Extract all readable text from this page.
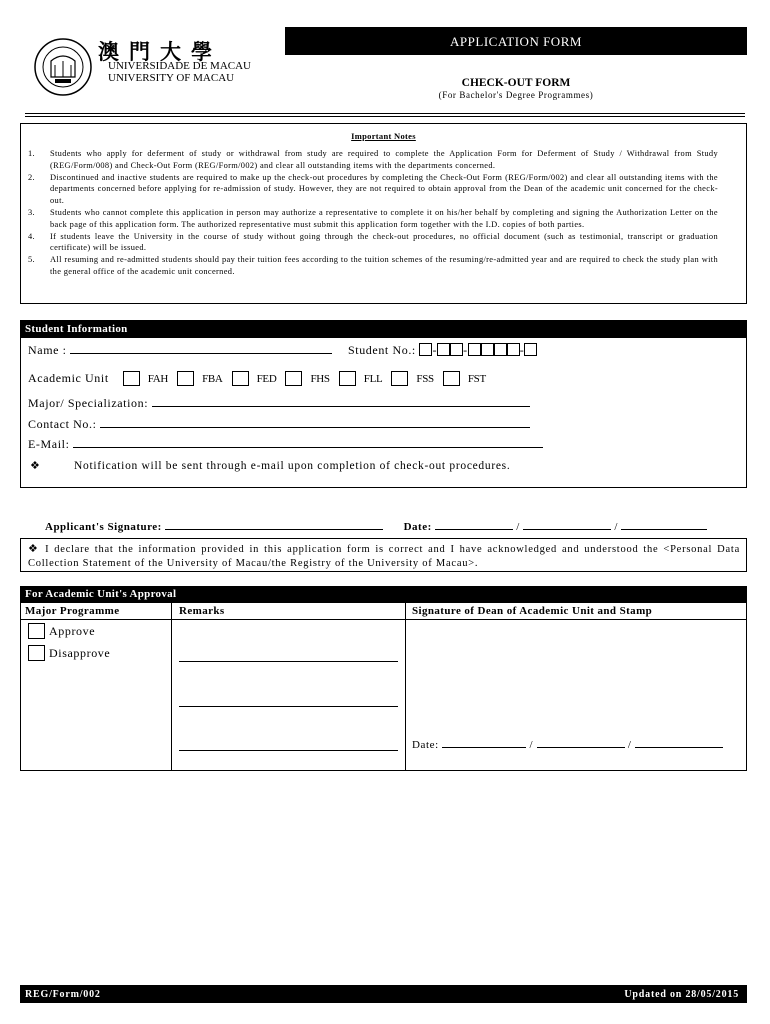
APPLICATION FORM
澳門大學
UNIVERSIDADE DE MACAU
UNIVERSITY OF MACAU	CHECK-OUT FORM
(For Bachelor's Degree Programmes)
Important Notes
1.	Students who apply for deferment of study or withdrawal from study are required to complete the Application Form for Deferment of Study / Withdrawal from Study (REG/Form/008) and Check-Out Form (REG/Form/002) and clear all outstanding items with the departments concerned.
2.	Discontinued and inactive students are required to make up the check-out procedures by completing the Check-Out Form (REG/Form/002) and clear all outstanding items with the departments concerned before applying for re-admission of study. However, they are not required to obtain approval from the Dean of the academic unit concerned for the check-out.
3.	Students who cannot complete this application in person may authorize a representative to complete it on his/her behalf by completing and signing the Authorization Letter on the back page of this application form. The authorized representative must submit this application form together with the I.D. copies of both parties.
4.	If students leave the University in the course of study without going through the check-out procedures, no official document (such as testimonial, transcript or graduation certificate) will be issued.
5.	All resuming and re-admitted students should pay their tuition fees according to the tuition schemes of the resuming/re-admitted year and are required to check the study plan with the general office of the academic unit concerned.
Student Information
Name :	Student No.: - -	-
Academic Unit	FAH	FBA	FED	FHS	FLL	FSS	FST
Major/ Specialization:
Contact No.:
E-Mail:
❖	Notification will be sent through e-mail upon completion of check-out procedures.
Applicant's Signature:	Date:	/	/
❖ I declare that the information provided in this application form is correct and I have acknowledged and understood the <Personal Data Collection Statement of the University of Macau/the Registry of the University of Macau>.
For Academic Unit's Approval
Major Programme	Remarks	Signature of Dean of Academic Unit and Stamp
Approve
Disapprove
Date:	/	/
REG/Form/002	Updated on 28/05/2015
